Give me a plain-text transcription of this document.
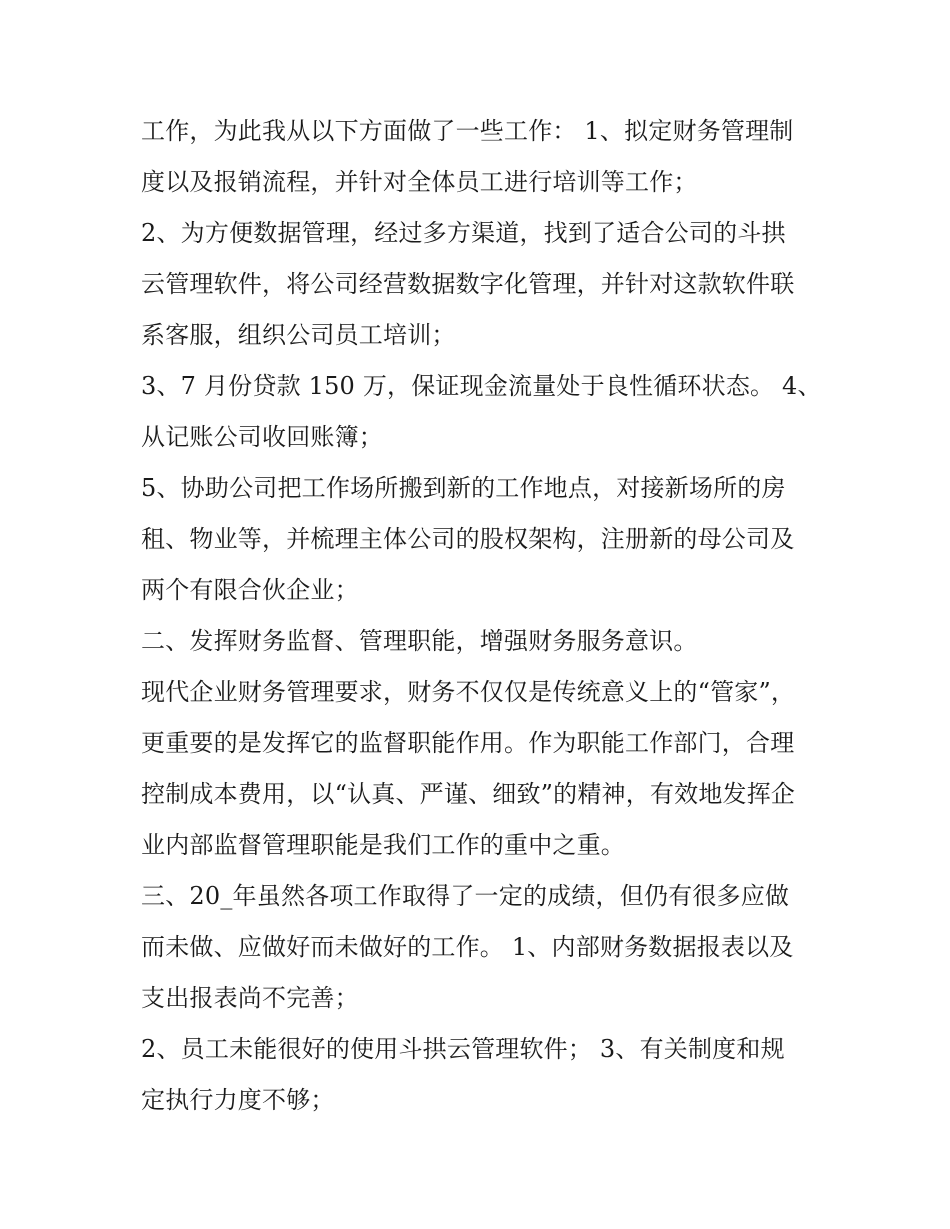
工作，为此我从以下方面做了一些工作： 1、拟定财务管理制
度以及报销流程，并针对全体员工进行培训等工作；
2、为方便数据管理，经过多方渠道，找到了适合公司的斗拱
云管理软件，将公司经营数据数字化管理，并针对这款软件联
系客服，组织公司员工培训；
3、7 月份贷款 150 万，保证现金流量处于良性循环状态。 4、
从记账公司收回账簿；
5、协助公司把工作场所搬到新的工作地点，对接新场所的房
租、物业等，并梳理主体公司的股权架构，注册新的母公司及
两个有限合伙企业；
二、发挥财务监督、管理职能，增强财务服务意识。
现代企业财务管理要求，财务不仅仅是传统意义上的“管家”，
更重要的是发挥它的监督职能作用。作为职能工作部门，合理
控制成本费用，以“认真、严谨、细致”的精神，有效地发挥企
业内部监督管理职能是我们工作的重中之重。
三、20_年虽然各项工作取得了一定的成绩，但仍有很多应做
而未做、应做好而未做好的工作。 1、内部财务数据报表以及
支出报表尚不完善；
2、员工未能很好的使用斗拱云管理软件； 3、有关制度和规
定执行力度不够；
